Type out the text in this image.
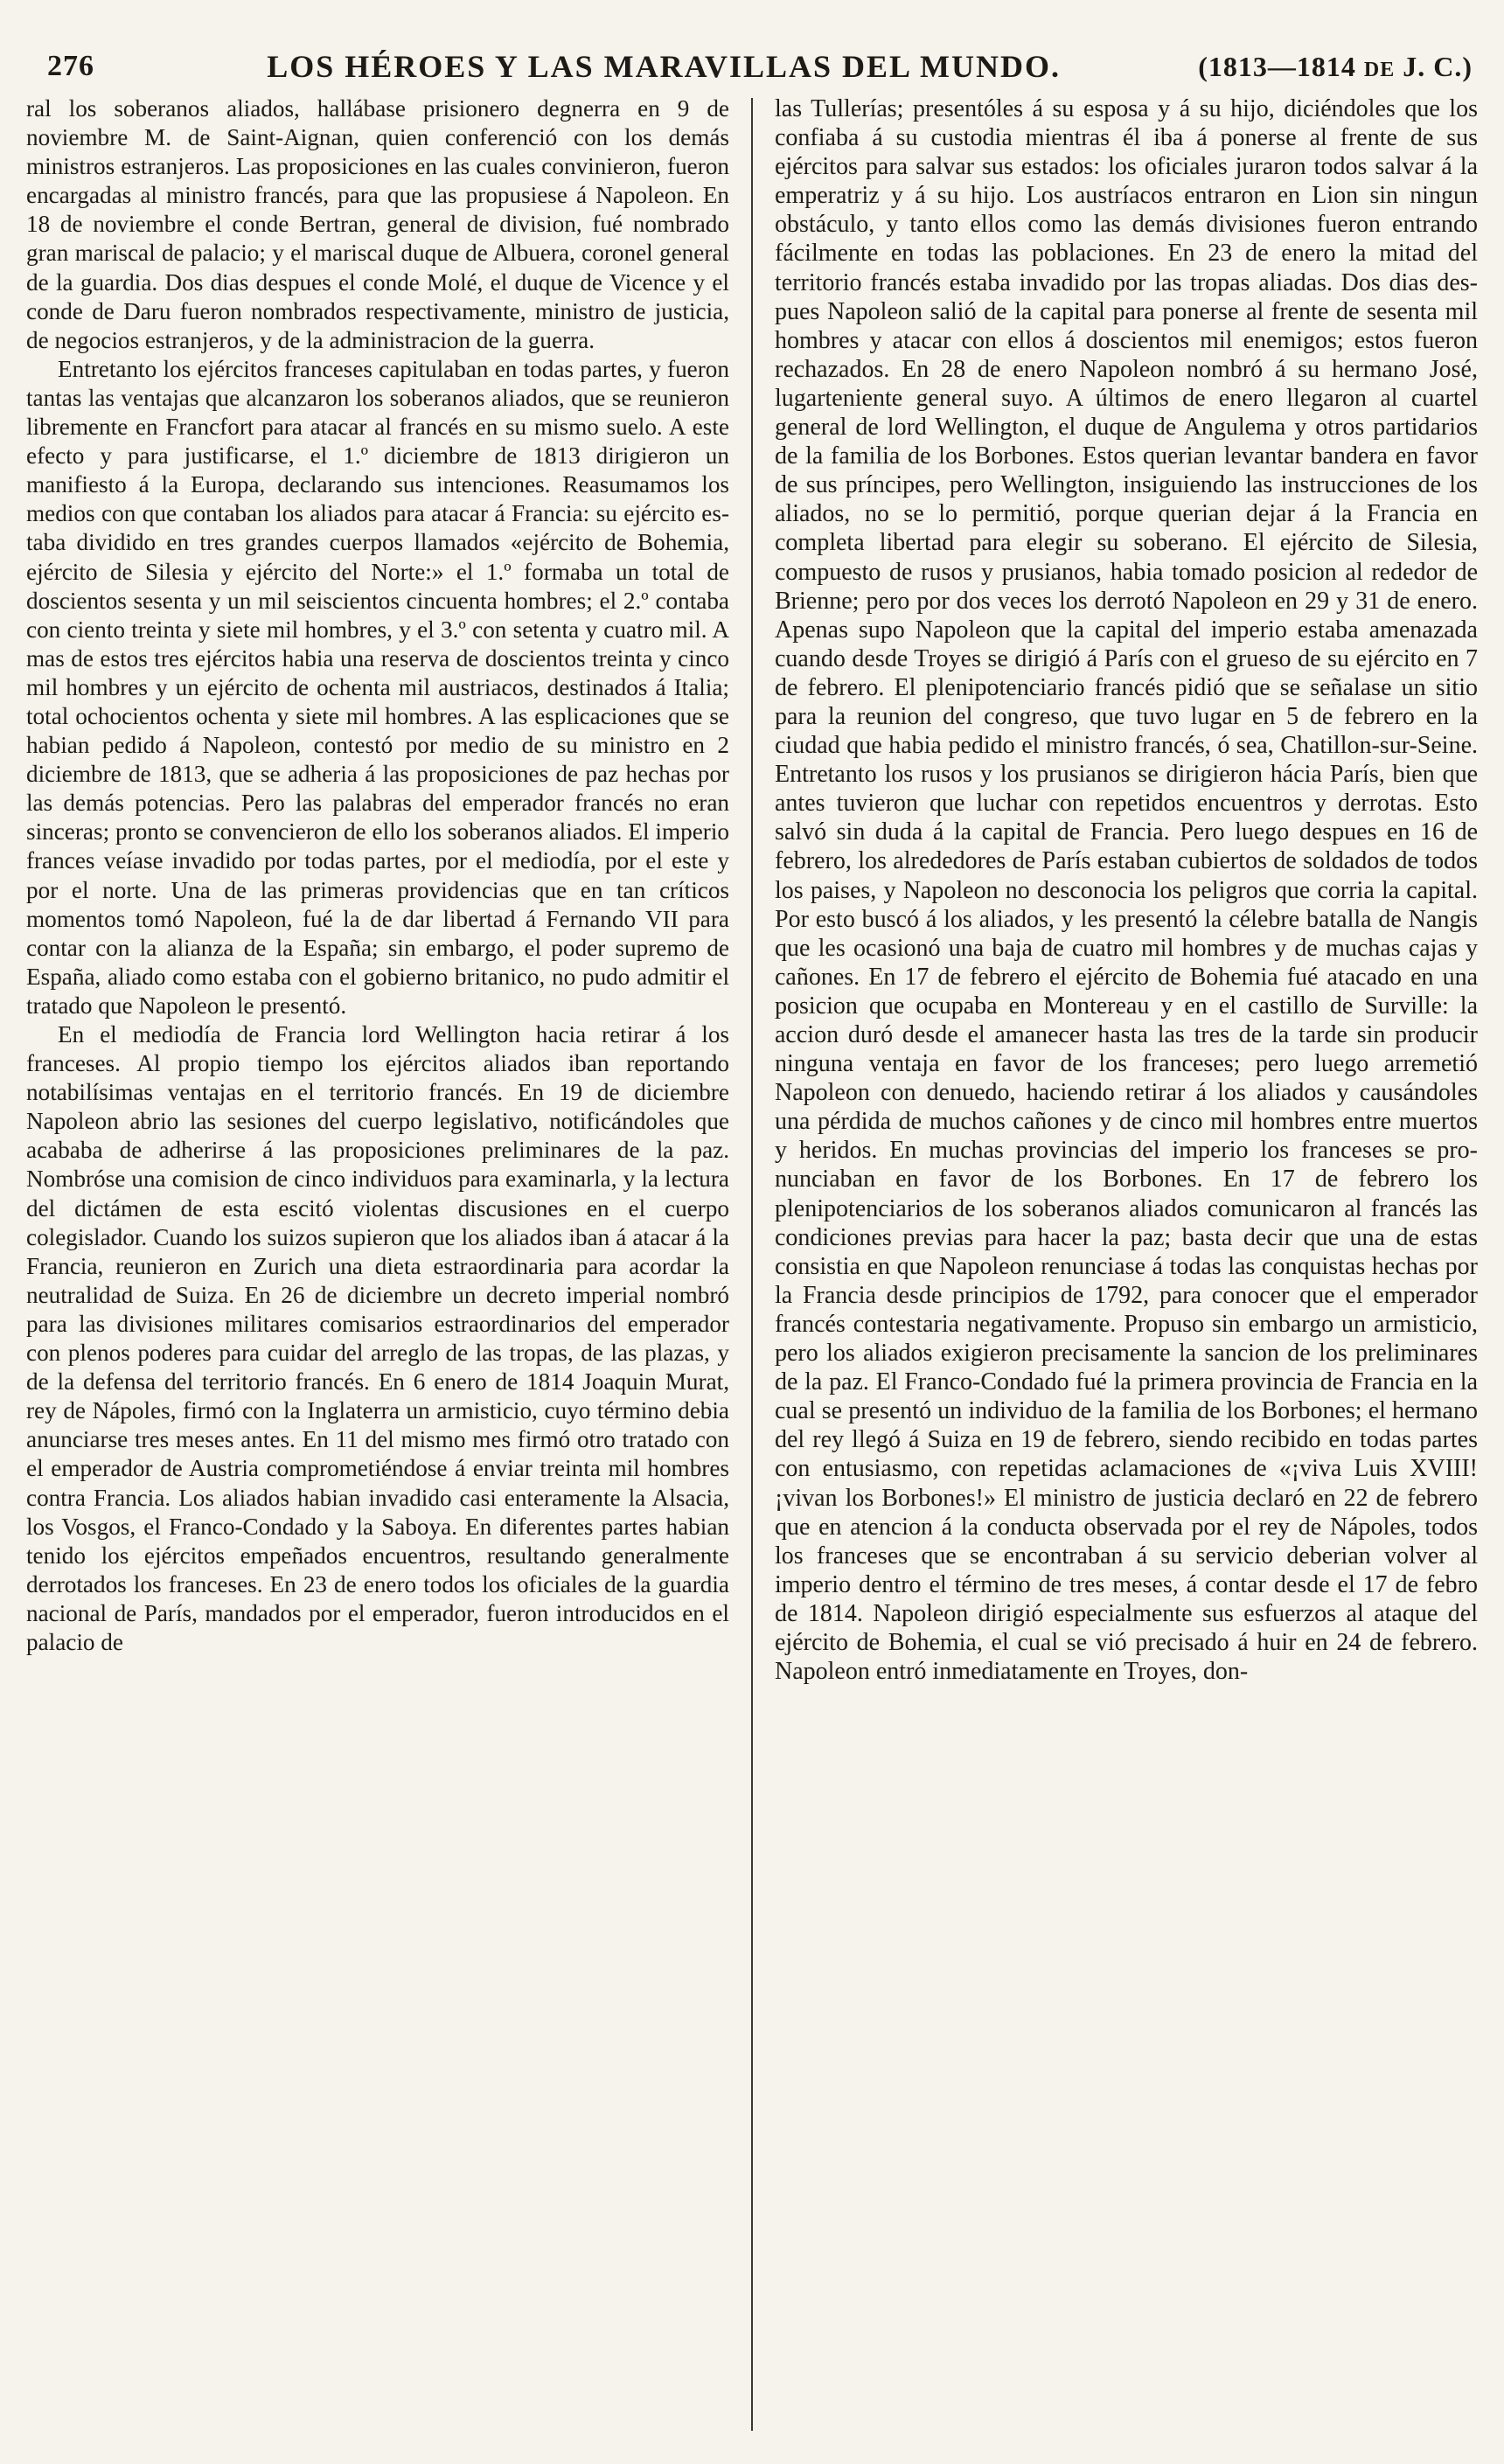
276	LOS HÉROES Y LAS MARAVILLAS DEL MUNDO.	(1813—1814 DE J. C.)

ral los soberanos aliados, hallábase prisionero degnerra en 9 de noviembre M. de Saint-Aignan, quien conferenció con los demás ministros estranjeros. Las proposiciones en las cuales convinieron, fueron encargadas al ministro francés, para que las propusiese á Napoleon. En 18 de noviembre el conde Bertran, general de division, fué nombrado gran mariscal de palacio; y el mariscal duque de Albuera, coronel general de la guardia. Dos dias despues el conde Molé, el duque de Vicence y el conde de Daru fueron nombrados respectivamente, ministro de justicia, de negocios estranjeros, y de la administracion de la guerra.

Entretanto los ejércitos franceses capitulaban en todas partes, y fueron tantas las ventajas que alcanzaron los soberanos aliados, que se reunieron libremente en Francfort para atacar al francés en su mismo suelo. A este efecto y para justificarse, el 1.º diciembre de 1813 dirigieron un manifiesto á la Europa, declarando sus intenciones. Reasumamos los medios con que contaban los aliados para atacar á Francia: su ejército estaba dividido en tres grandes cuerpos llamados «ejército de Bohemia, ejército de Silesia y ejército del Norte:» el 1.º formaba un total de doscientos sesenta y un mil seiscientos cincuenta hombres; el 2.º contaba con ciento treinta y siete mil hombres, y el 3.º con setenta y cuatro mil. A mas de estos tres ejércitos habia una reserva de doscientos treinta y cinco mil hombres y un ejército de ochenta mil austriacos, destinados á Italia; total ochocientos ochenta y siete mil hombres. A las esplicaciones que se habian pedido á Napoleon, contestó por medio de su ministro en 2 diciembre de 1813, que se adheria á las proposiciones de paz hechas por las demás potencias. Pero las palabras del emperador francés no eran sinceras; pronto se convencieron de ello los soberanos aliados. El imperio frances veíase invadido por todas partes, por el mediodía, por el este y por el norte. Una de las primeras providencias que en tan críticos momentos tomó Napoleon, fué la de dar libertad á Fernando VII para contar con la alianza de la España; sin embargo, el poder supremo de España, aliado como estaba con el gobierno britanico, no pudo admitir el tratado que Napoleon le presentó.

En el mediodía de Francia lord Wellington hacia retirar á los franceses. Al propio tiempo los ejércitos aliados iban reportando notabilísimas ventajas en el territorio francés. En 19 de diciembre Napoleon abrio las sesiones del cuerpo legislativo, notificándoles que acababa de adherirse á las proposiciones preliminares de la paz. Nombróse una comision de cinco individuos para examinarla, y la lectura del dictámen de esta escitó violentas discusiones en el cuerpo colegislador. Cuando los suizos supieron que los aliados iban á atacar á la Francia, reunieron en Zurich una dieta estraordinaria para acordar la neutralidad de Suiza. En 26 de diciembre un decreto imperial nombró para las divisiones militares comisarios estraordinarios del emperador con plenos poderes para cuidar del arreglo de las tropas, de las plazas, y de la defensa del territorio francés. En 6 enero de 1814 Joaquin Murat, rey de Nápoles, firmó con la Inglaterra un armisticio, cuyo término debia anunciarse tres meses antes. En 11 del mismo mes firmó otro tratado con el emperador de Austria comprometiéndose á enviar treinta mil hombres contra Francia. Los aliados habian invadido casi enteramente la Alsacia, los Vosgos, el Franco-Condado y la Saboya. En diferentes partes habian tenido los ejércitos empeñados encuentros, resultando generalmente derrotados los franceses. En 23 de enero todos los oficiales de la guardia nacional de París, mandados por el emperador, fueron introducidos en el palacio de

las Tullerías; presentóles á su esposa y á su hijo, diciéndoles que los confiaba á su custodia mientras él iba á ponerse al frente de sus ejércitos para salvar sus estados: los oficiales juraron todos salvar á la emperatriz y á su hijo. Los austríacos entraron en Lion sin ningun obstáculo, y tanto ellos como las demás divisiones fueron entrando fácilmente en todas las poblaciones. En 23 de enero la mitad del territorio francés estaba invadido por las tropas aliadas. Dos dias despues Napoleon salió de la capital para ponerse al frente de sesenta mil hombres y atacar con ellos á doscientos mil enemigos; estos fueron rechazados. En 28 de enero Napoleon nombró á su hermano José, lugarteniente general suyo. A últimos de enero llegaron al cuartel general de lord Wellington, el duque de Angulema y otros partidarios de la familia de los Borbones. Estos querian levantar bandera en favor de sus príncipes, pero Wellington, insiguiendo las instrucciones de los aliados, no se lo permitió, porque querian dejar á la Francia en completa libertad para elegir su soberano. El ejército de Silesia, compuesto de rusos y prusianos, habia tomado posicion al rededor de Brienne; pero por dos veces los derrotó Napoleon en 29 y 31 de enero. Apenas supo Napoleon que la capital del imperio estaba amenazada cuando desde Troyes se dirigió á París con el grueso de su ejército en 7 de febrero. El plenipotenciario francés pidió que se señalase un sitio para la reunion del congreso, que tuvo lugar en 5 de febrero en la ciudad que habia pedido el ministro francés, ó sea, Chatillon-sur-Seine. Entretanto los rusos y los prusianos se dirigieron hácia París, bien que antes tuvieron que luchar con repetidos encuentros y derrotas. Esto salvó sin duda á la capital de Francia. Pero luego despues en 16 de febrero, los alrededores de París estaban cubiertos de soldados de todos los paises, y Napoleon no desconocia los peligros que corria la capital. Por esto buscó á los aliados, y les presentó la célebre batalla de Nangis que les ocasionó una baja de cuatro mil hombres y de muchas cajas y cañones. En 17 de febrero el ejército de Bohemia fué atacado en una posicion que ocupaba en Montereau y en el castillo de Surville: la accion duró desde el amanecer hasta las tres de la tarde sin producir ninguna ventaja en favor de los franceses; pero luego arremetió Napoleon con denuedo, haciendo retirar á los aliados y causándoles una pérdida de muchos cañones y de cinco mil hombres entre muertos y heridos. En muchas provincias del imperio los franceses se pronunciaban en favor de los Borbones. En 17 de febrero los plenipotenciarios de los soberanos aliados comunicaron al francés las condiciones previas para hacer la paz; basta decir que una de estas consistia en que Napoleon renunciase á todas las conquistas hechas por la Francia desde principios de 1792, para conocer que el emperador francés contestaria negativamente. Propuso sin embargo un armisticio, pero los aliados exigieron precisamente la sancion de los preliminares de la paz. El Franco-Condado fué la primera provincia de Francia en la cual se presentó un individuo de la familia de los Borbones; el hermano del rey llegó á Suiza en 19 de febrero, siendo recibido en todas partes con entusiasmo, con repetidas aclamaciones de «¡viva Luis XVIII! ¡vivan los Borbones!» El ministro de justicia declaró en 22 de febrero que en atencion á la conducta observada por el rey de Nápoles, todos los franceses que se encontraban á su servicio deberian volver al imperio dentro el término de tres meses, á contar desde el 17 de febro de 1814. Napoleon dirigió especialmente sus esfuerzos al ataque del ejército de Bohemia, el cual se vió precisado á huir en 24 de febrero. Napoleon entró inmediatamente en Troyes, don-
